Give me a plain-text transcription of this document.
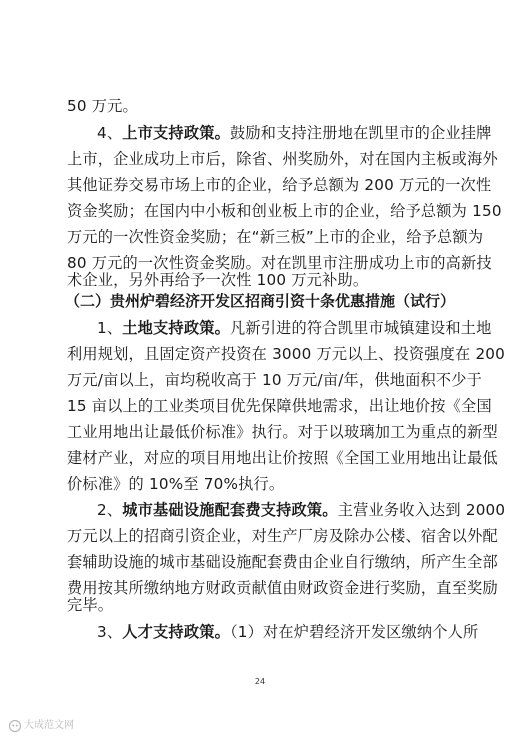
50 万元。
4、上市支持政策。鼓励和支持注册地在凯里市的企业挂牌
上市，企业成功上市后，除省、州奖励外，对在国内主板或海外
其他证券交易市场上市的企业，给予总额为 200 万元的一次性
资金奖励；在国内中小板和创业板上市的企业，给予总额为 150
万元的一次性资金奖励；在“新三板”上市的企业，给予总额为
80 万元的一次性资金奖励。对在凯里市注册成功上市的高新技
术企业，另外再给予一次性 100 万元补助。
（二）贵州炉碧经济开发区招商引资十条优惠措施（试行）
1、土地支持政策。凡新引进的符合凯里市城镇建设和土地
利用规划，且固定资产投资在 3000 万元以上、投资强度在 200
万元/亩以上，亩均税收高于 10 万元/亩/年，供地面积不少于
15 亩以上的工业类项目优先保障供地需求，出让地价按《全国
工业用地出让最低价标准》执行。对于以玻璃加工为重点的新型
建材产业，对应的项目用地出让价按照《全国工业用地出让最低
价标准》的 10%至 70%执行。
2、城市基础设施配套费支持政策。主营业务收入达到 2000
万元以上的招商引资企业，对生产厂房及除办公楼、宿舍以外配
套辅助设施的城市基础设施配套费由企业自行缴纳，所产生全部
费用按其所缴纳地方财政贡献值由财政资金进行奖励，直至奖励
完毕。
3、人才支持政策。（1）对在炉碧经济开发区缴纳个人所
24
大成范文网
